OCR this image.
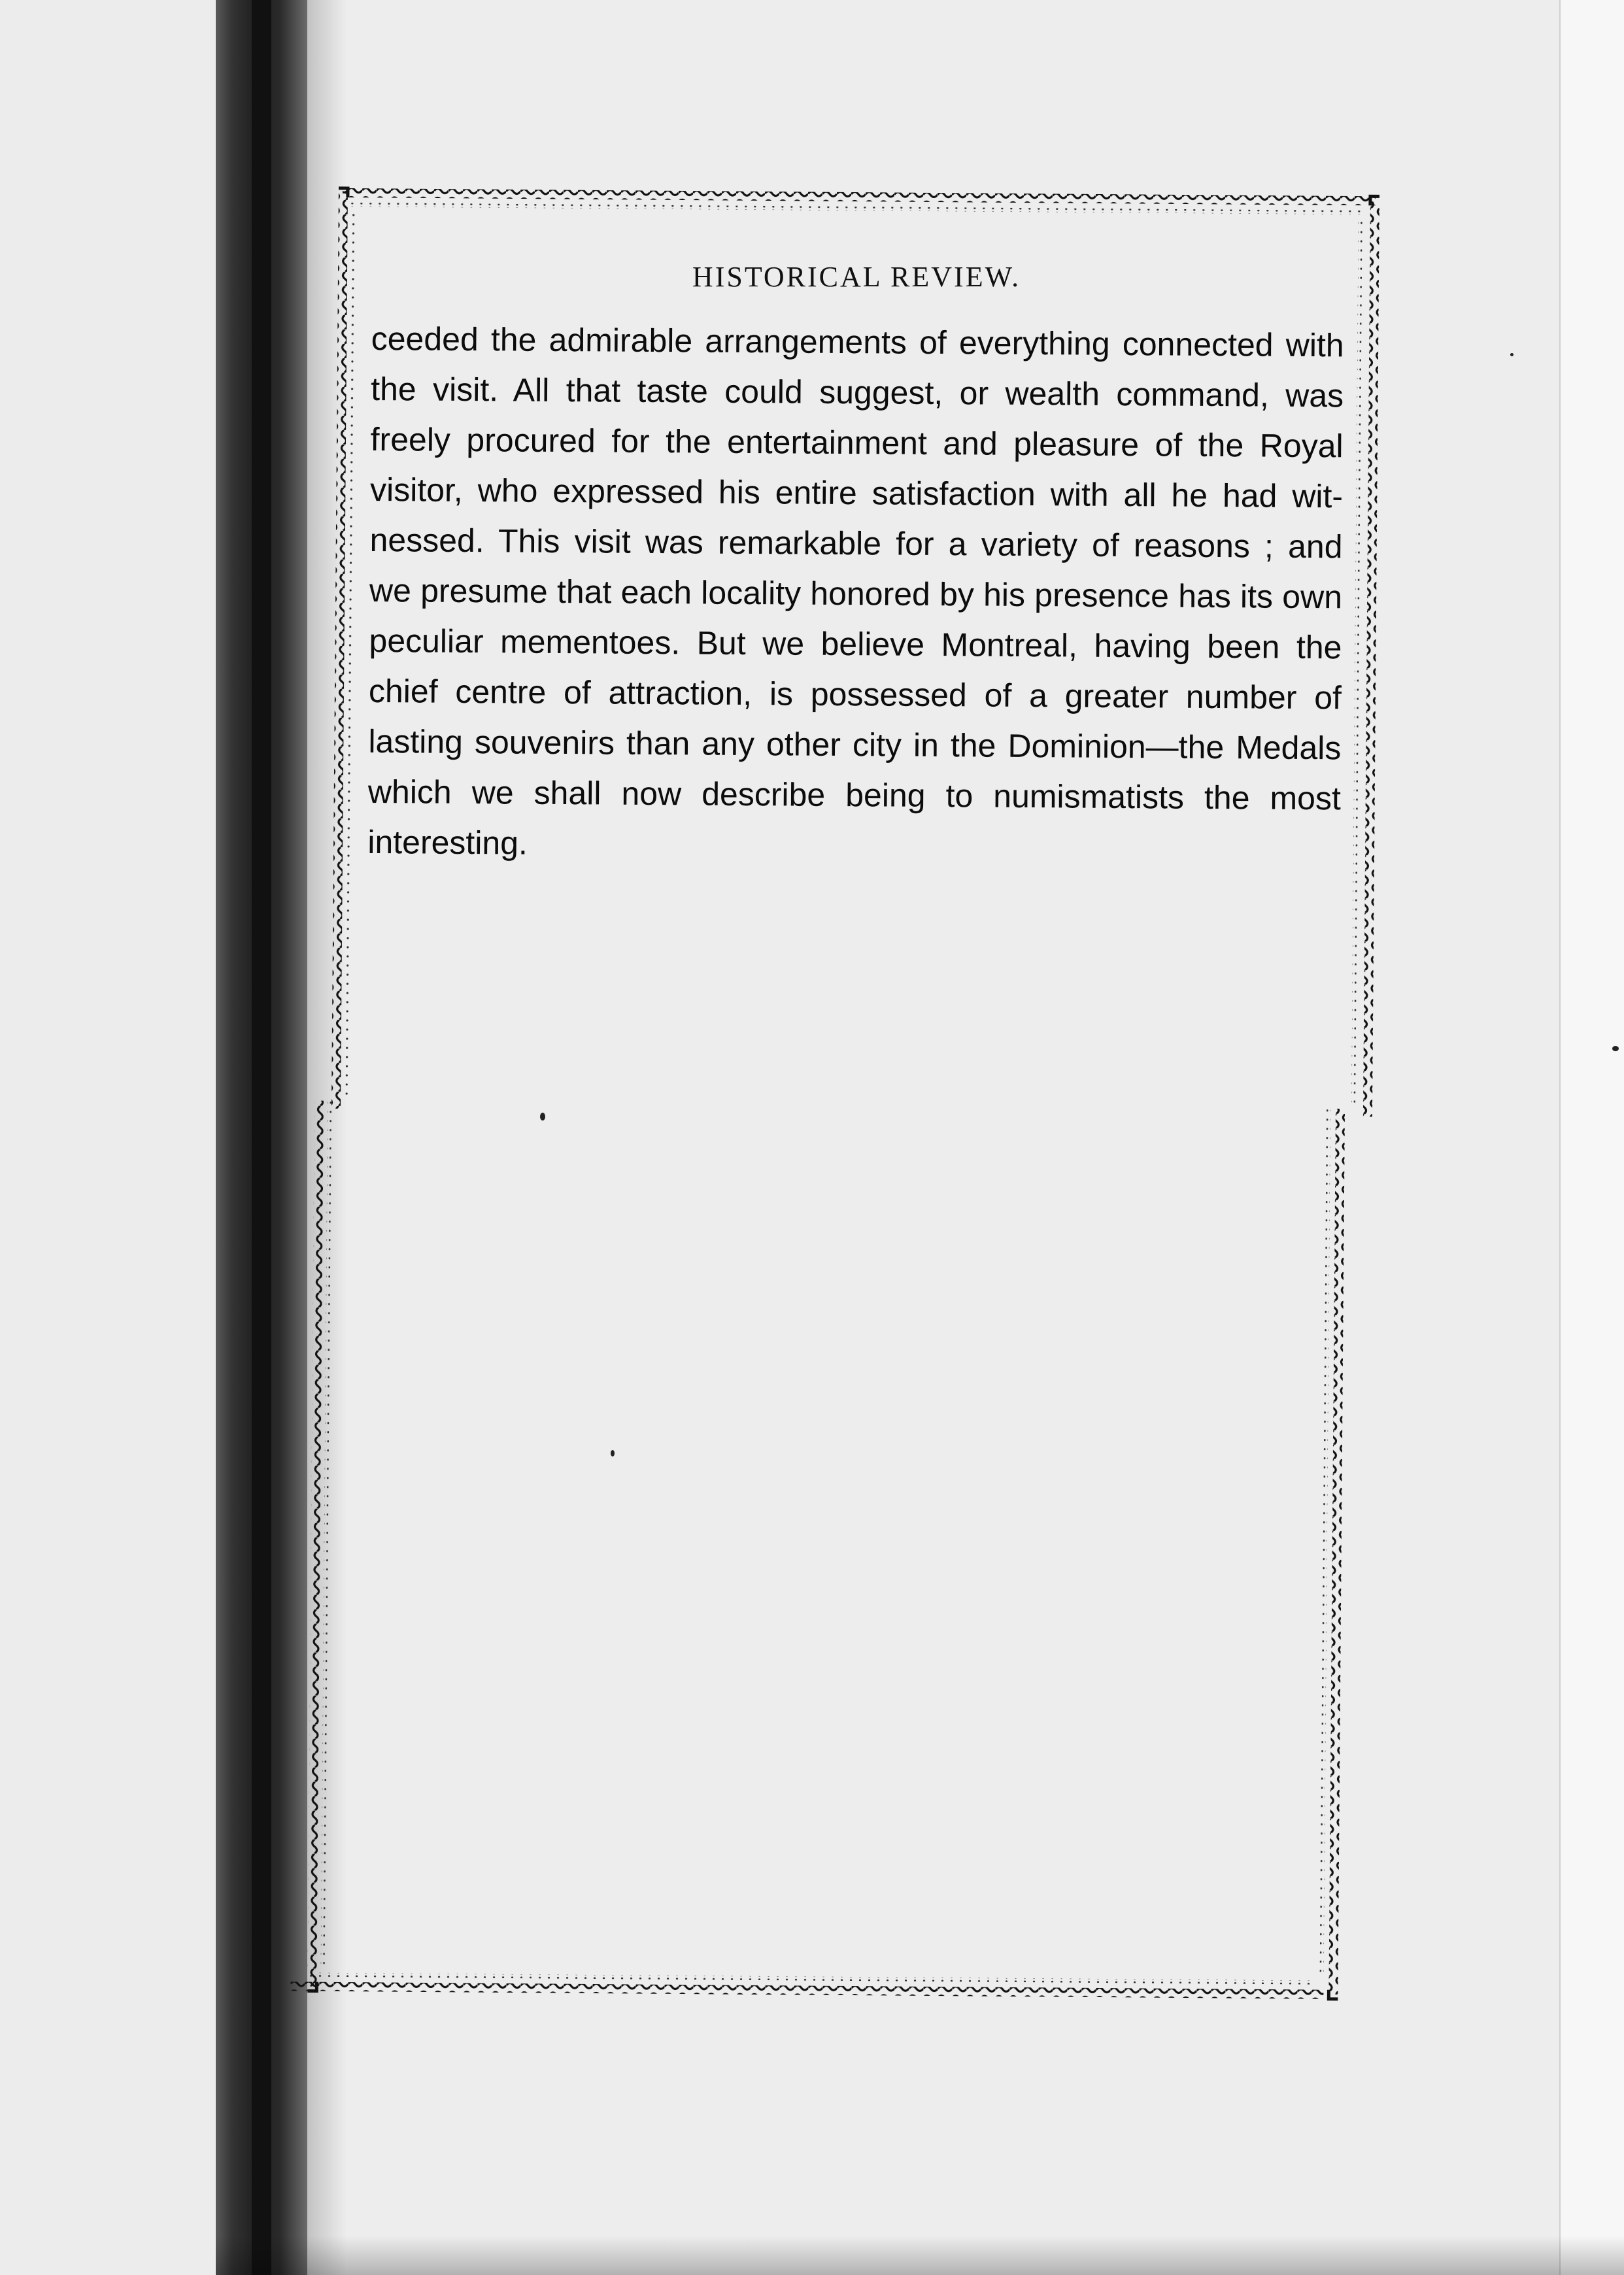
HISTORICAL REVIEW.
ceeded the admirable arrangements of everything connected with
the visit. All that taste could suggest, or wealth command, was
freely procured for the entertainment and pleasure of the Royal
visitor, who expressed his entire satisfaction with all he had wit-
nessed. This visit was remarkable for a variety of reasons ; and
we presume that each locality honored by his presence has its own
peculiar mementoes. But we believe Montreal, having been the
chief centre of attraction, is possessed of a greater number of
lasting souvenirs than any other city in the Dominion—the Medals
which we shall now describe being to numismatists the most
interesting.
